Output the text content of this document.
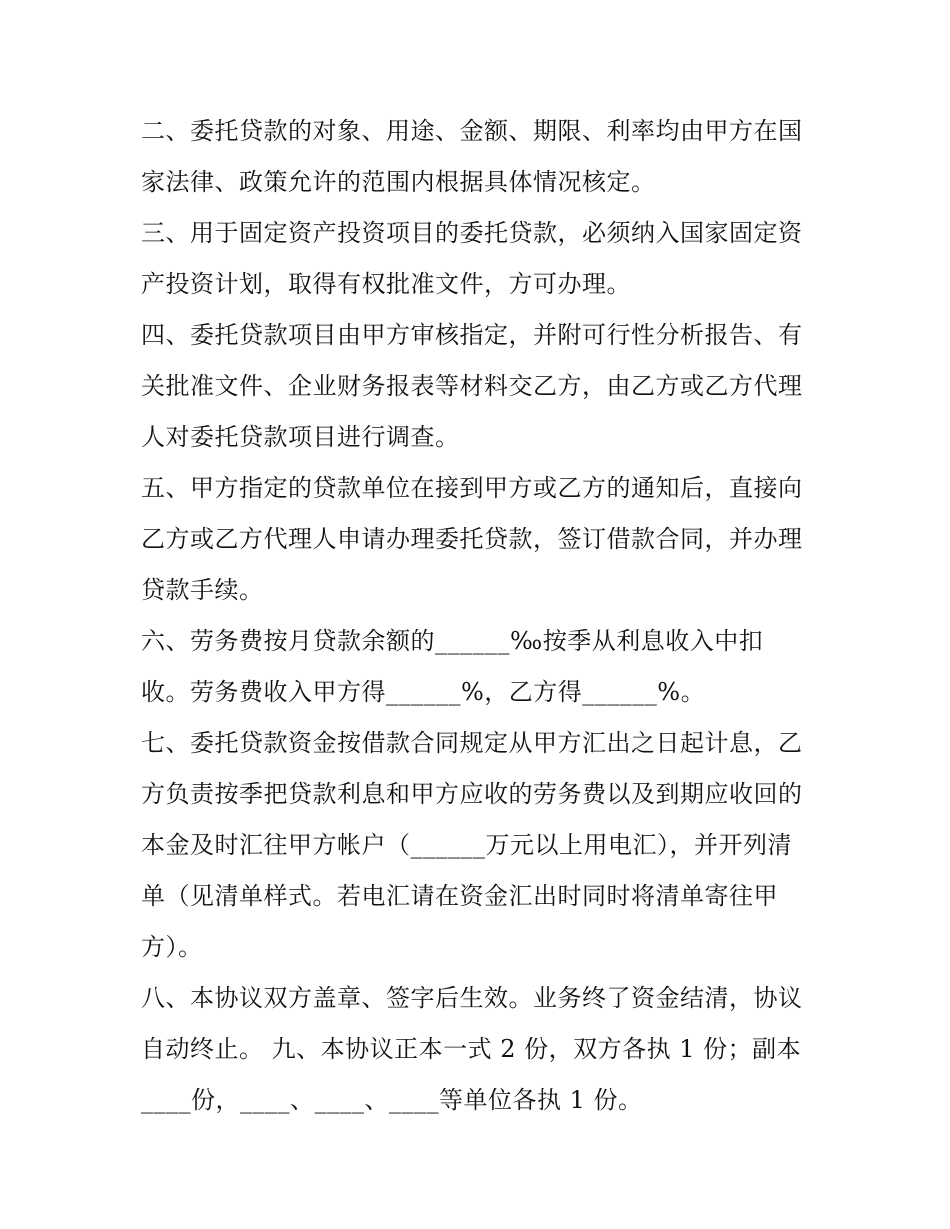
二、委托贷款的对象、用途、金额、期限、利率均由甲方在国
家法律、政策允许的范围内根据具体情况核定。
三、用于固定资产投资项目的委托贷款，必须纳入国家固定资
产投资计划，取得有权批准文件，方可办理。
四、委托贷款项目由甲方审核指定，并附可行性分析报告、有
关批准文件、企业财务报表等材料交乙方，由乙方或乙方代理
人对委托贷款项目进行调查。
五、甲方指定的贷款单位在接到甲方或乙方的通知后，直接向
乙方或乙方代理人申请办理委托贷款，签订借款合同，并办理
贷款手续。
六、劳务费按月贷款余额的______‰按季从利息收入中扣
收。劳务费收入甲方得______%，乙方得______%。
七、委托贷款资金按借款合同规定从甲方汇出之日起计息，乙
方负责按季把贷款利息和甲方应收的劳务费以及到期应收回的
本金及时汇往甲方帐户（______万元以上用电汇），并开列清
单（见清单样式。若电汇请在资金汇出时同时将清单寄往甲
方）。
八、本协议双方盖章、签字后生效。业务终了资金结清，协议
自动终止。 九、本协议正本一式 2 份，双方各执 1 份；副本
____份，____、____、____等单位各执 1 份。
